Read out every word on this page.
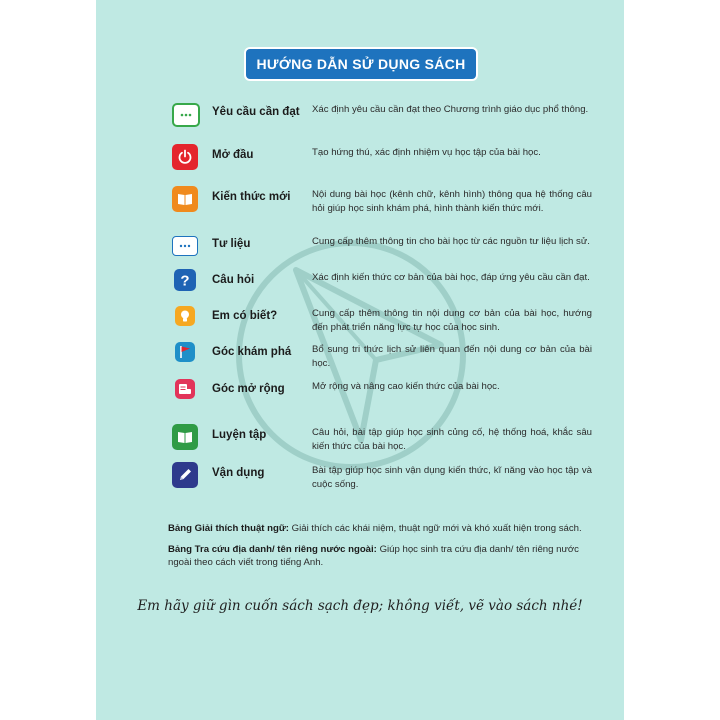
HƯỚNG DẪN SỬ DỤNG SÁCH
Yêu cầu cần đạt	Xác định yêu cầu cần đạt theo Chương trình giáo dục phổ thông.
Mở đầu	Tạo hứng thú, xác định nhiệm vụ học tập của bài học.
Kiến thức mới	Nội dung bài học (kênh chữ, kênh hình) thông qua hệ thống câu hỏi giúp học sinh khám phá, hình thành kiến thức mới.
Tư liệu	Cung cấp thêm thông tin cho bài học từ các nguồn tư liệu lịch sử.
? Câu hỏi	Xác định kiến thức cơ bản của bài học, đáp ứng yêu cầu cần đạt.
Em có biết?	Cung cấp thêm thông tin nội dung cơ bản của bài học, hướng đến phát triển năng lực tự học của học sinh.
Góc khám phá	Bổ sung tri thức lịch sử liên quan đến nội dung cơ bản của bài học.
Góc mở rộng	Mở rộng và nâng cao kiến thức của bài học.
Luyện tập	Câu hỏi, bài tập giúp học sinh củng cố, hệ thống hoá, khắc sâu kiến thức của bài học.
Vận dụng	Bài tập giúp học sinh vận dụng kiến thức, kĩ năng vào học tập và cuộc sống.

Bảng Giải thích thuật ngữ: Giải thích các khái niệm, thuật ngữ mới và khó xuất hiện trong sách.

Bảng Tra cứu địa danh/ tên riêng nước ngoài: Giúp học sinh tra cứu địa danh/ tên riêng nước ngoài theo cách viết trong tiếng Anh.

Em hãy giữ gìn cuốn sách sạch đẹp; không viết, vẽ vào sách nhé!
